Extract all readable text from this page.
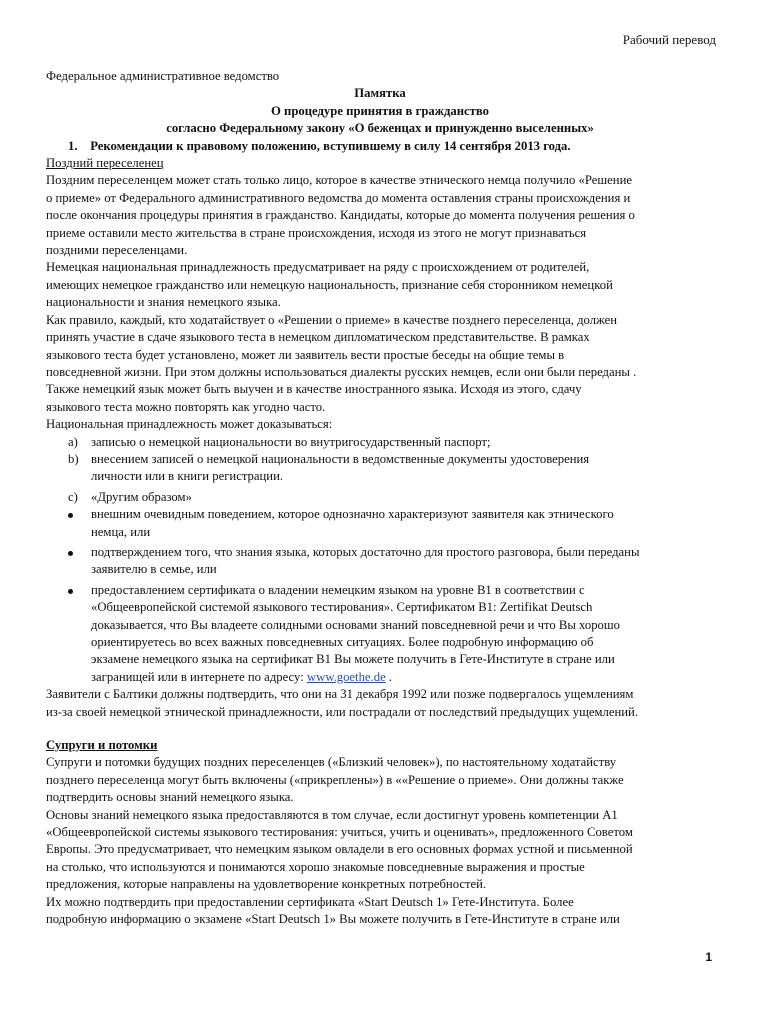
Рабочий перевод
Федеральное административное ведомство
Памятка
О процедуре принятия в гражданство
согласно Федеральному закону «О беженцах и принужденно выселенных»
1. Рекомендации к правовому положению, вступившему в силу 14 сентября 2013 года.
Поздний переселенец
Поздним переселенцем может стать только лицо, которое в качестве этнического немца получило «Решение
о приеме» от Федерального административного ведомства до момента оставления страны происхождения и
после окончания процедуры принятия в гражданство. Кандидаты, которые до момента получения решения о
приеме оставили место жительства в стране происхождения, исходя из этого не могут признаваться
поздними переселенцами.
Немецкая национальная принадлежность предусматривает на ряду с происхождением от родителей,
имеющих немецкое гражданство или немецкую национальность, признание себя сторонником немецкой
национальности и знания немецкого языка.
Как правило, каждый, кто ходатайствует о «Решении о приеме» в качестве позднего переселенца, должен
принять участие в сдаче языкового теста в немецком дипломатическом представительстве. В рамках
языкового теста будет установлено, может ли заявитель вести простые беседы на общие темы в
повседневной жизни. При этом должны использоваться диалекты русских немцев, если они были переданы .
Также немецкий язык может быть выучен и в качестве иностранного языка. Исходя из этого, сдачу
языкового теста можно повторять как угодно часто.
Национальная принадлежность может доказываться:
a) записью о немецкой национальности во внутригосударственный паспорт;
b) внесением записей о немецкой национальности в ведомственные документы удостоверения
личности или в книги регистрации.
c) «Другим образом»
внешним очевидным поведением, которое однозначно характеризуют заявителя как этнического
немца, или
подтверждением того, что знания языка, которых достаточно для простого разговора, были переданы
заявителю в семье, или
предоставлением сертификата о владении немецким языком на уровне B1 в соответствии с
«Общеевропейской системой языкового тестирования». Сертификатом B1: Zertifikat Deutsch
доказывается, что Вы владеете солидными основами знаний повседневной речи и что Вы хорошо
ориентируетесь во всех важных повседневных ситуациях. Более подробную информацию об
экзамене немецкого языка на сертификат B1 Вы можете получить в Гете-Институте в стране или
загранищей или в интернете по адресу: www.goethe.de .
Заявители с Балтики должны подтвердить, что они на 31 декабря 1992 или позже подвергалось ущемлениям
из-за своей немецкой этнической принадлежности, или пострадали от последствий предыдущих ущемлений.
Супруги и потомки
Супруги и потомки будущих поздних переселенцев («Близкий человек»), по настоятельному ходатайству
позднего переселенца могут быть включены («прикреплены») в ««Решение о приеме». Они должны также
подтвердить основы знаний немецкого языка.
Основы знаний немецкого языка предоставляются в том случае, если достигнут уровень компетенции A1
«Общеевропейской системы языкового тестирования: учиться, учить и оценивать», предложенного Советом
Европы. Это предусматривает, что немецким языком овладели в его основных формах устной и письменной
на столько, что используются и понимаются хорошо знакомые повседневные выражения и простые
предложения, которые направлены на удовлетворение конкретных потребностей.
Их можно подтвердить при предоставлении сертификата «Start Deutsch 1» Гете-Института. Более
подробную информацию о экзамене «Start Deutsch 1» Вы можете получить в Гете-Институте в стране или
1
